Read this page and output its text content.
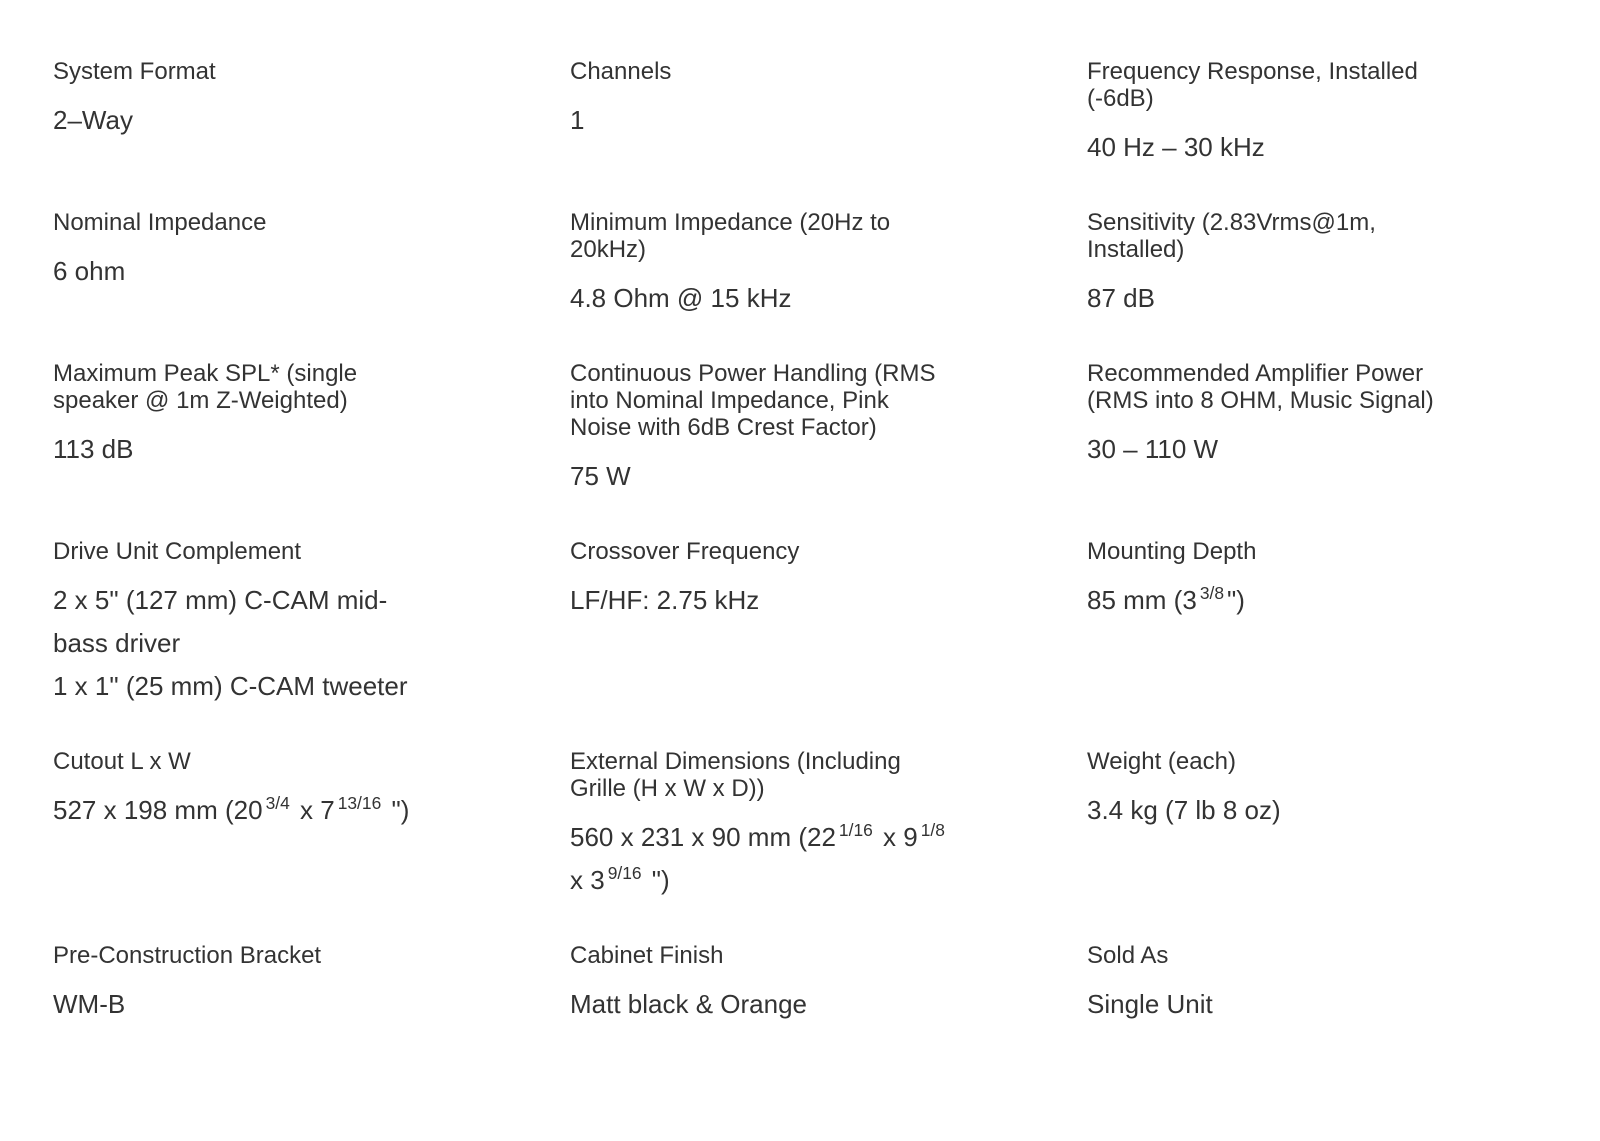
System Format
2–Way
Channels
1
Frequency Response, Installed (-6dB)
40 Hz – 30 kHz
Nominal Impedance
6 ohm
Minimum Impedance (20Hz to 20kHz)
4.8 Ohm @ 15 kHz
Sensitivity (2.83Vrms@1m, Installed)
87 dB
Maximum Peak SPL* (single speaker @ 1m Z-Weighted)
113 dB
Continuous Power Handling (RMS into Nominal Impedance, Pink Noise with 6dB Crest Factor)
75 W
Recommended Amplifier Power (RMS into 8 OHM, Music Signal)
30 – 110 W
Drive Unit Complement
2 x 5" (127 mm) C-CAM mid-bass driver
1 x 1" (25 mm) C-CAM tweeter
Crossover Frequency
LF/HF: 2.75 kHz
Mounting Depth
85 mm (3 $^{3/8}$ ")
Cutout L x W
527 x 198 mm (20 $^{3/4}$ x 7 $^{13/16}$ ")
External Dimensions (Including Grille (H x W x D))
560 x 231 x 90 mm (22 $^{1/16}$ x 9 $^{1/8}$ x 3 $^{9/16}$ ")
Weight (each)
3.4 kg (7 lb 8 oz)
Pre-Construction Bracket
WM-B
Cabinet Finish
Matt black & Orange
Sold As
Single Unit
